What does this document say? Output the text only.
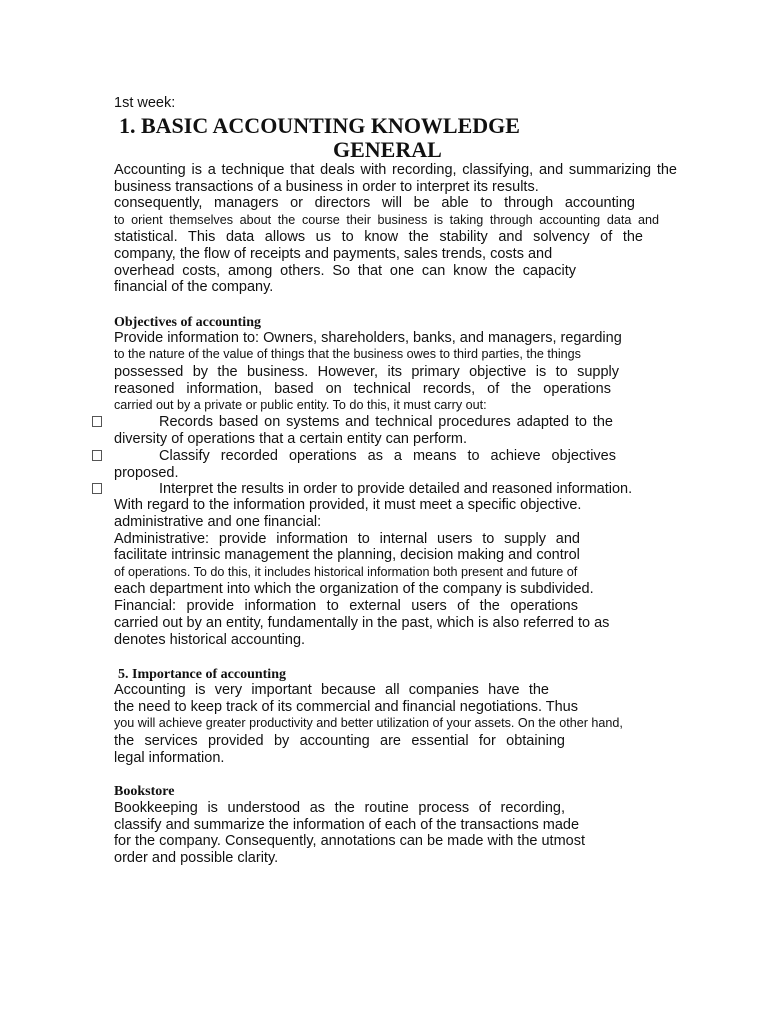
1st week:
1. BASIC ACCOUNTING KNOWLEDGE
GENERAL
Accounting is a technique that deals with recording, classifying, and summarizing the
business transactions of a business in order to interpret its results.
consequently, managers or directors will be able to through accounting
to orient themselves about the course their business is taking through accounting data and
statistical. This data allows us to know the stability and solvency of the
company, the flow of receipts and payments, sales trends, costs and
overhead costs, among others. So that one can know the capacity
financial of the company.
Objectives of accounting
Provide information to: Owners, shareholders, banks, and managers, regarding
to the nature of the value of things that the business owes to third parties, the things
possessed by the business. However, its primary objective is to supply
reasoned information, based on technical records, of the operations
carried out by a private or public entity. To do this, it must carry out:
Records based on systems and technical procedures adapted to the
diversity of operations that a certain entity can perform.
Classify recorded operations as a means to achieve objectives
proposed.
Interpret the results in order to provide detailed and reasoned information.
With regard to the information provided, it must meet a specific objective.
administrative and one financial:
Administrative: provide information to internal users to supply and
facilitate intrinsic management the planning, decision making and control
of operations. To do this, it includes historical information both present and future of
each department into which the organization of the company is subdivided.
Financial: provide information to external users of the operations
carried out by an entity, fundamentally in the past, which is also referred to as
denotes historical accounting.
5. Importance of accounting
Accounting is very important because all companies have the
the need to keep track of its commercial and financial negotiations. Thus
you will achieve greater productivity and better utilization of your assets. On the other hand,
the services provided by accounting are essential for obtaining
legal information.
Bookstore
Bookkeeping is understood as the routine process of recording,
classify and summarize the information of each of the transactions made
for the company. Consequently, annotations can be made with the utmost
order and possible clarity.
